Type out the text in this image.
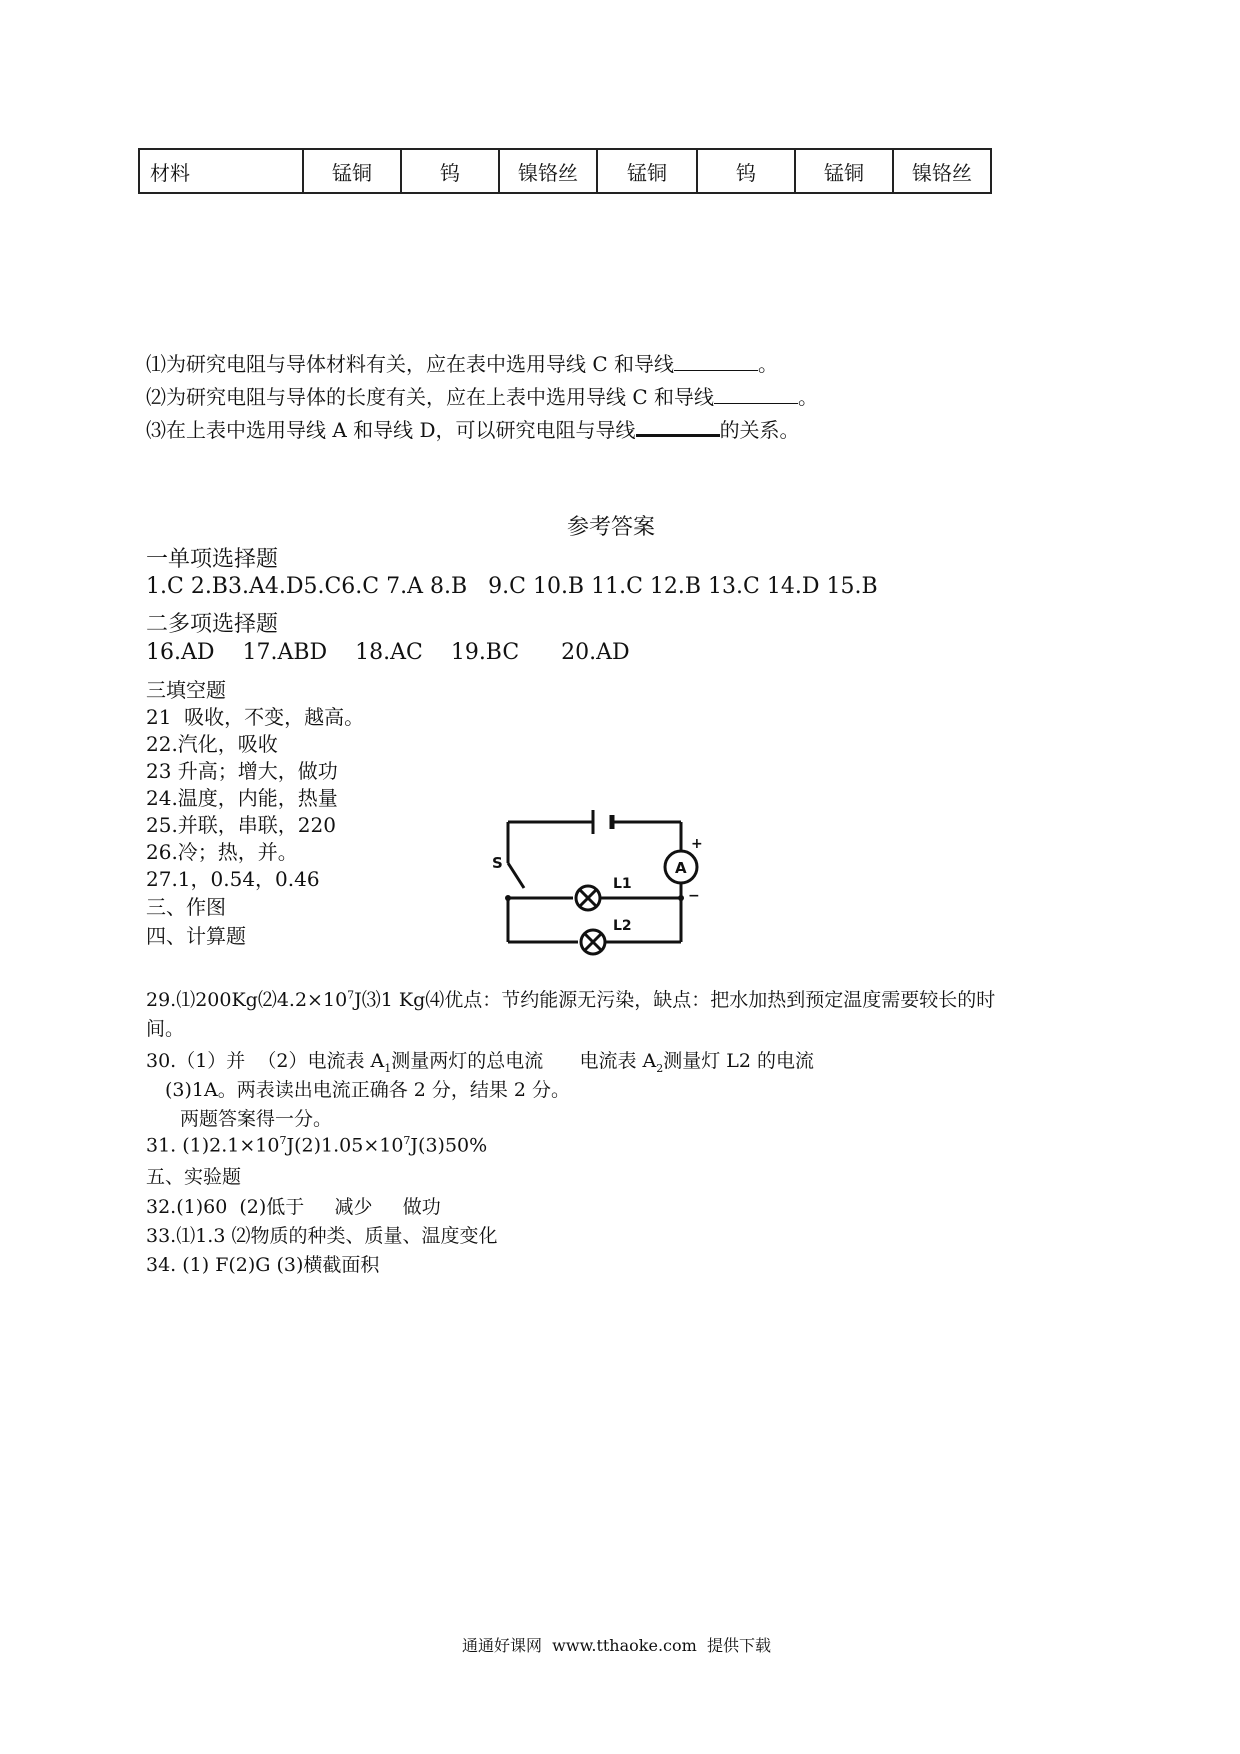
材料	锰铜	钨	镍铬丝	锰铜	钨	锰铜	镍铬丝
⑴为研究电阻与导体材料有关，应在表中选用导线 C 和导线	。
⑵为研究电阻与导体的长度有关，应在上表中选用导线 C 和导线	。
⑶在上表中选用导线 A 和导线 D，可以研究电阻与导线	的关系。
参考答案
一单项选择题
1.C 2.B3.A4.D5.C6.C 7.A 8.B   9.C 10.B 11.C 12.B 13.C 14.D 15.B
二多项选择题
16.AD    17.ABD    18.AC    19.BC      20.AD
三填空题
21  吸收，不变，越高。
22.汽化，吸收
23 升高；增大，做功
24.温度，内能，热量
25.并联，串联，220
26.冷；热，并。
27.1，0.54，0.46
三、作图
四、计算题
S	A
+
−
L1
L2
$29.⑴200Kg⑵4.2\times 10^7J⑶1$ Kg⑷优点：节约能源无污染，缺点：把水加热到预定温度需要较长的时
间。
30.（1）并  （2）电流表 $A_1$测量两灯的总电流      电流表 $A_2$测量灯 L2 的电流
(3)1A。两表读出电流正确各 2 分，结果 2 分。
两题答案得一分。
31. $(1)2.1\times 10^7J(2)1.05\times 10^7J(3)50\%$
五、实验题
32.(1)60  (2)低于     减少     做功
33.⑴1.3 ⑵物质的种类、质量、温度变化
34. (1) F(2)G (3)横截面积
通通好课网  www.tthaoke.com  提供下载
